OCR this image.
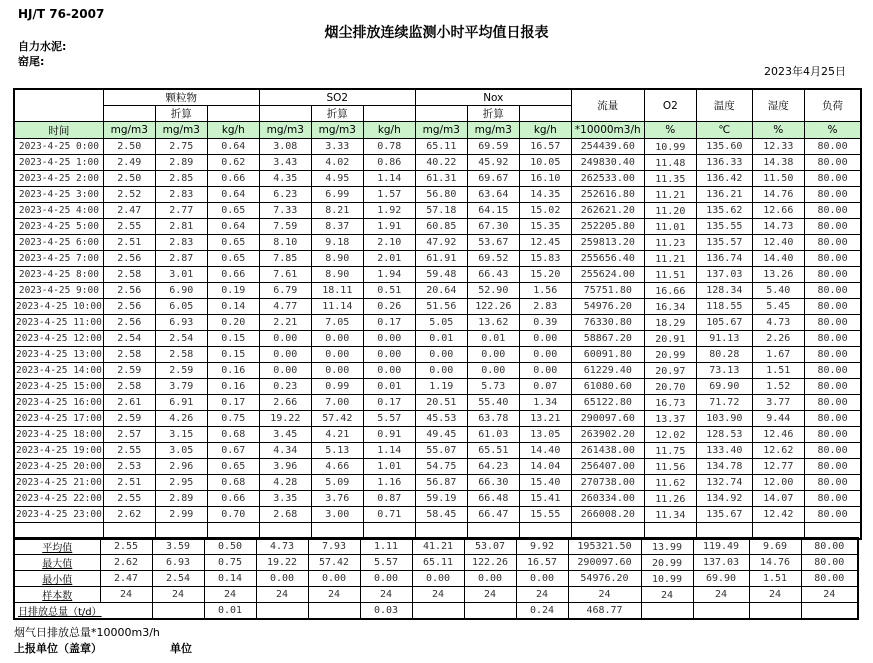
HJ/T 76-2007
烟尘排放连续监测小时平均值日报表
自力水泥:
窑尾:
2023年4月25日
	颗粒物			SO2			Nox			流量	O2	温度	湿度	负荷
		折算			折算			折算						
时间	mg/m3	mg/m3	kg/h	mg/m3	mg/m3	kg/h	mg/m3	mg/m3	kg/h	*10000m3/h	%	℃	%	%
2023-4-25 0:00	2.50	2.75	0.64	3.08	3.33	0.78	65.11	69.59	16.57	254439.60	10.99	135.60	12.33	80.00
2023-4-25 1:00	2.49	2.89	0.62	3.43	4.02	0.86	40.22	45.92	10.05	249830.40	11.48	136.33	14.38	80.00
2023-4-25 2:00	2.50	2.85	0.66	4.35	4.95	1.14	61.31	69.67	16.10	262533.00	11.35	136.42	11.50	80.00
2023-4-25 3:00	2.52	2.83	0.64	6.23	6.99	1.57	56.80	63.64	14.35	252616.80	11.21	136.21	14.76	80.00
2023-4-25 4:00	2.47	2.77	0.65	7.33	8.21	1.92	57.18	64.15	15.02	262621.20	11.20	135.62	12.66	80.00
2023-4-25 5:00	2.55	2.81	0.64	7.59	8.37	1.91	60.85	67.30	15.35	252205.80	11.01	135.55	14.73	80.00
2023-4-25 6:00	2.51	2.83	0.65	8.10	9.18	2.10	47.92	53.67	12.45	259813.20	11.23	135.57	12.40	80.00
2023-4-25 7:00	2.56	2.87	0.65	7.85	8.90	2.01	61.91	69.52	15.83	255656.40	11.21	136.74	14.40	80.00
2023-4-25 8:00	2.58	3.01	0.66	7.61	8.90	1.94	59.48	66.43	15.20	255624.00	11.51	137.03	13.26	80.00
2023-4-25 9:00	2.56	6.90	0.19	6.79	18.11	0.51	20.64	52.90	1.56	75751.80	16.66	128.34	5.40	80.00
2023-4-25 10:00	2.56	6.05	0.14	4.77	11.14	0.26	51.56	122.26	2.83	54976.20	16.34	118.55	5.45	80.00
2023-4-25 11:00	2.56	6.93	0.20	2.21	7.05	0.17	5.05	13.62	0.39	76330.80	18.29	105.67	4.73	80.00
2023-4-25 12:00	2.54	2.54	0.15	0.00	0.00	0.00	0.01	0.01	0.00	58867.20	20.91	91.13	2.26	80.00
2023-4-25 13:00	2.58	2.58	0.15	0.00	0.00	0.00	0.00	0.00	0.00	60091.80	20.99	80.28	1.67	80.00
2023-4-25 14:00	2.59	2.59	0.16	0.00	0.00	0.00	0.00	0.00	0.00	61229.40	20.97	73.13	1.51	80.00
2023-4-25 15:00	2.58	3.79	0.16	0.23	0.99	0.01	1.19	5.73	0.07	61080.60	20.70	69.90	1.52	80.00
2023-4-25 16:00	2.61	6.91	0.17	2.66	7.00	0.17	20.51	55.40	1.34	65122.80	16.73	71.72	3.77	80.00
2023-4-25 17:00	2.59	4.26	0.75	19.22	57.42	5.57	45.53	63.78	13.21	290097.60	13.37	103.90	9.44	80.00
2023-4-25 18:00	2.57	3.15	0.68	3.45	4.21	0.91	49.45	61.03	13.05	263902.20	12.02	128.53	12.46	80.00
2023-4-25 19:00	2.55	3.05	0.67	4.34	5.13	1.14	55.07	65.51	14.40	261438.00	11.75	133.40	12.62	80.00
2023-4-25 20:00	2.53	2.96	0.65	3.96	4.66	1.01	54.75	64.23	14.04	256407.00	11.56	134.78	12.77	80.00
2023-4-25 21:00	2.51	2.95	0.68	4.28	5.09	1.16	56.87	66.30	15.40	270738.00	11.62	132.74	12.00	80.00
2023-4-25 22:00	2.55	2.89	0.66	3.35	3.76	0.87	59.19	66.48	15.41	260334.00	11.26	134.92	14.07	80.00
2023-4-25 23:00	2.62	2.99	0.70	2.68	3.00	0.71	58.45	66.47	15.55	266008.20	11.34	135.67	12.42	80.00

平均值	2.55	3.59	0.50	4.73	7.93	1.11	41.21	53.07	9.92	195321.50	13.99	119.49	9.69	80.00
最大值	2.62	6.93	0.75	19.22	57.42	5.57	65.11	122.26	16.57	290097.60	20.99	137.03	14.76	80.00
最小值	2.47	2.54	0.14	0.00	0.00	0.00	0.00	0.00	0.00	54976.20	10.99	69.90	1.51	80.00
样本数	24	24	24	24	24	24	24	24	24	24	24	24	24	24
日排放总量（t/d）			0.01			0.03			0.24	468.77				
烟气日排放总量*10000m3/h
上报单位（盖章）	单位
